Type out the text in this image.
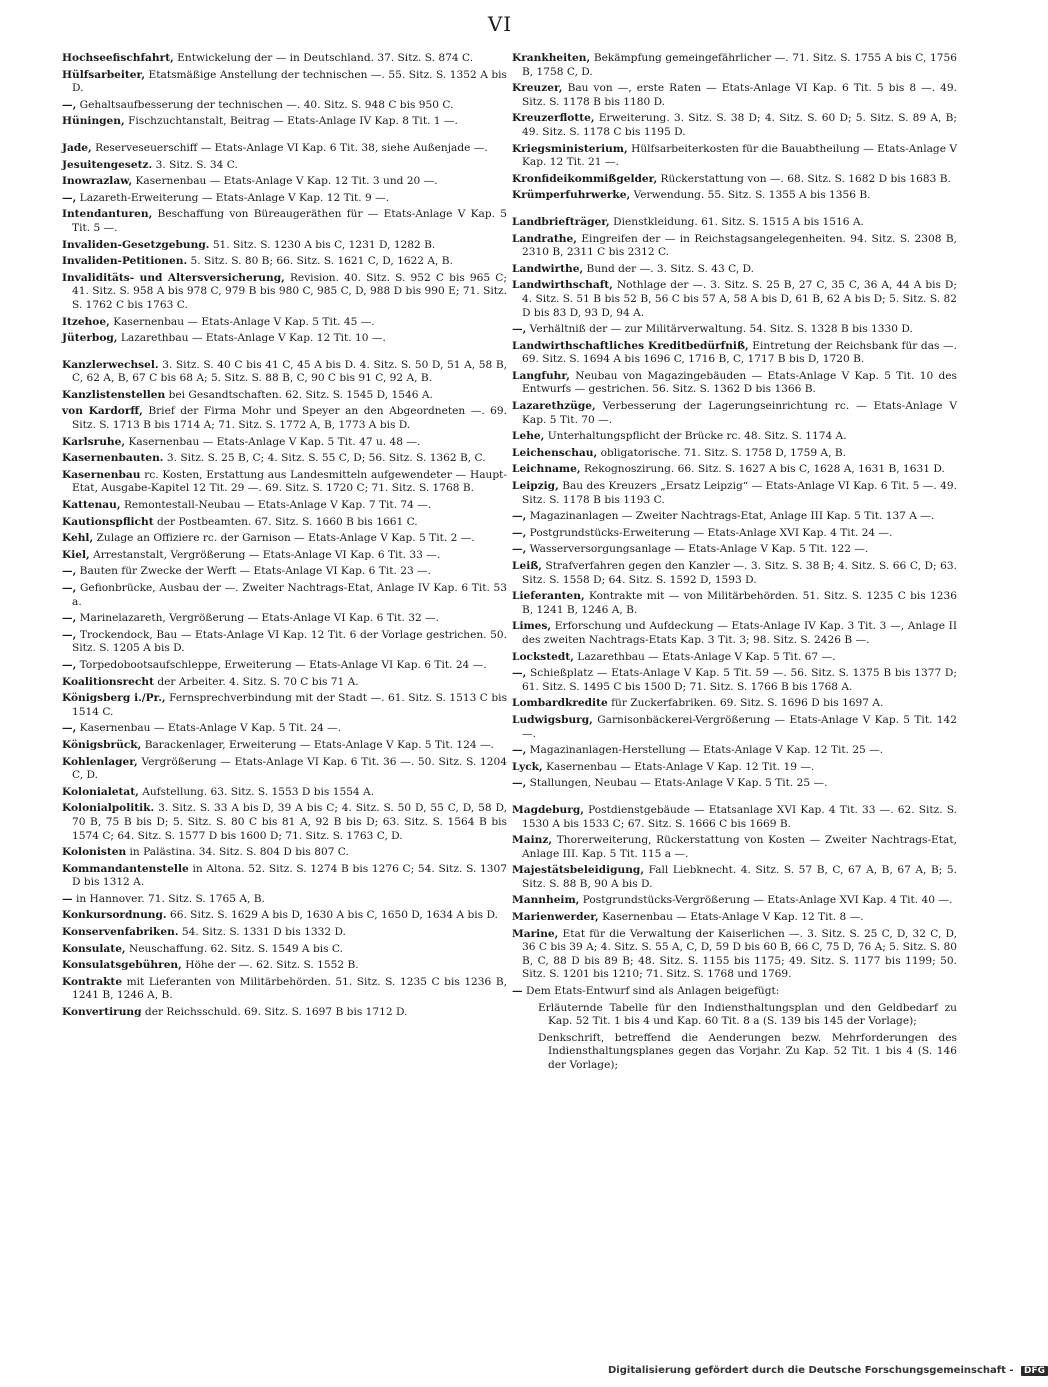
VI

Hochseefischfahrt, Entwickelung der — in Deutschland. 37. Sitz. S. 874 C.

Hülfsarbeiter, Etatsmäßige Anstellung der technischen —. 55. Sitz. S. 1352 A bis D.

—, Gehaltsaufbesserung der technischen —. 40. Sitz. S. 948 C bis 950 C.

Hüningen, Fischzuchtanstalt, Beitrag — Etats-Anlage IV Kap. 8 Tit. 1 —.

Jade, Reserveseuerschiff — Etats-Anlage VI Kap. 6 Tit. 38, siehe Außenjade —.

Jesuitengesetz. 3. Sitz. S. 34 C.

Inowrazlaw, Kasernenbau — Etats-Anlage V Kap. 12 Tit. 3 und 20 —.

—, Lazareth-Erweiterung — Etats-Anlage V Kap. 12 Tit. 9 —.

Intendanturen, Beschaffung von Büreaugeräthen für — Etats-Anlage V Kap. 5 Tit. 5 —.

Invaliden-Gesetzgebung. 51. Sitz. S. 1230 A bis C, 1231 D, 1282 B.

Invaliden-Petitionen. 5. Sitz. S. 80 B; 66. Sitz. S. 1621 C, D, 1622 A, B.

Invaliditäts- und Altersversicherung, Revision. 40. Sitz. S. 952 C bis 965 C; 41. Sitz. S. 958 A bis 978 C, 979 B bis 980 C, 985 C, D, 988 D bis 990 E; 71. Sitz. S. 1762 C bis 1763 C.

Itzehoe, Kasernenbau — Etats-Anlage V Kap. 5 Tit. 45 —.

Jüterbog, Lazarethbau — Etats-Anlage V Kap. 12 Tit. 10 —.

Kanzlerwechsel. 3. Sitz. S. 40 C bis 41 C, 45 A bis D. 4. Sitz. S. 50 D, 51 A, 58 B, C, 62 A, B, 67 C bis 68 A; 5. Sitz. S. 88 B, C, 90 C bis 91 C, 92 A, B.

Kanzlistenstellen bei Gesandtschaften. 62. Sitz. S. 1545 D, 1546 A.

von Kardorff, Brief der Firma Mohr und Speyer an den Abgeordneten —. 69. Sitz. S. 1713 B bis 1714 A; 71. Sitz. S. 1772 A, B, 1773 A bis D.

Karlsruhe, Kasernenbau — Etats-Anlage V Kap. 5 Tit. 47 u. 48 —.

Kasernenbauten. 3. Sitz. S. 25 B, C; 4. Sitz. S. 55 C, D; 56. Sitz. S. 1362 B, C.

Kasernenbau rc. Kosten, Erstattung aus Landesmitteln aufgewendeter — Haupt-Etat, Ausgabe-Kapitel 12 Tit. 29 —. 69. Sitz. S. 1720 C; 71. Sitz. S. 1768 B.

Kattenau, Remontestall-Neubau — Etats-Anlage V Kap. 7 Tit. 74 —.

Kautionspflicht der Postbeamten. 67. Sitz. S. 1660 B bis 1661 C.

Kehl, Zulage an Offiziere rc. der Garnison — Etats-Anlage V Kap. 5 Tit. 2 —.

Kiel, Arrestanstalt, Vergrößerung — Etats-Anlage VI Kap. 6 Tit. 33 —.

—, Bauten für Zwecke der Werft — Etats-Anlage VI Kap. 6 Tit. 23 —.

—, Gefionbrücke, Ausbau der —. Zweiter Nachtrags-Etat, Anlage IV Kap. 6 Tit. 53 a.

—, Marinelazareth, Vergrößerung — Etats-Anlage VI Kap. 6 Tit. 32 —.

—, Trockendock, Bau — Etats-Anlage VI Kap. 12 Tit. 6 der Vorlage gestrichen. 50. Sitz. S. 1205 A bis D.

—, Torpedobootsaufschleppe, Erweiterung — Etats-Anlage VI Kap. 6 Tit. 24 —.

Koalitionsrecht der Arbeiter. 4. Sitz. S. 70 C bis 71 A.

Königsberg i./Pr., Fernsprechverbindung mit der Stadt —. 61. Sitz. S. 1513 C bis 1514 C.

—, Kasernenbau — Etats-Anlage V Kap. 5 Tit. 24 —.

Königsbrück, Barackenlager, Erweiterung — Etats-Anlage V Kap. 5 Tit. 124 —.

Kohlenlager, Vergrößerung — Etats-Anlage VI Kap. 6 Tit. 36 —. 50. Sitz. S. 1204 C, D.

Kolonialetat, Aufstellung. 63. Sitz. S. 1553 D bis 1554 A.

Kolonialpolitik. 3. Sitz. S. 33 A bis D, 39 A bis C; 4. Sitz. S. 50 D, 55 C, D, 58 D, 70 B, 75 B bis D; 5. Sitz. S. 80 C bis 81 A, 92 B bis D; 63. Sitz. S. 1564 B bis 1574 C; 64. Sitz. S. 1577 D bis 1600 D; 71. Sitz. S. 1763 C, D.

Kolonisten in Palästina. 34. Sitz. S. 804 D bis 807 C.

Kommandantenstelle in Altona. 52. Sitz. S. 1274 B bis 1276 C; 54. Sitz. S. 1307 D bis 1312 A.

— in Hannover. 71. Sitz. S. 1765 A, B.

Konkursordnung. 66. Sitz. S. 1629 A bis D, 1630 A bis C, 1650 D, 1634 A bis D.

Konservenfabriken. 54. Sitz. S. 1331 D bis 1332 D.

Konsulate, Neuschaffung. 62. Sitz. S. 1549 A bis C.

Konsulatsgebühren, Höhe der —. 62. Sitz. S. 1552 B.

Kontrakte mit Lieferanten von Militärbehörden. 51. Sitz. S. 1235 C bis 1236 B, 1241 B, 1246 A, B.

Konvertirung der Reichsschuld. 69. Sitz. S. 1697 B bis 1712 D.

Krankheiten, Bekämpfung gemeingefährlicher —. 71. Sitz. S. 1755 A bis C, 1756 B, 1758 C, D.

Kreuzer, Bau von —, erste Raten — Etats-Anlage VI Kap. 6 Tit. 5 bis 8 —. 49. Sitz. S. 1178 B bis 1180 D.

Kreuzerflotte, Erweiterung. 3. Sitz. S. 38 D; 4. Sitz. S. 60 D; 5. Sitz. S. 89 A, B; 49. Sitz. S. 1178 C bis 1195 D.

Kriegsministerium, Hülfsarbeiterkosten für die Bauabtheilung — Etats-Anlage V Kap. 12 Tit. 21 —.

Kronfideikommißgelder, Rückerstattung von —. 68. Sitz. S. 1682 D bis 1683 B.

Krümperfuhrwerke, Verwendung. 55. Sitz. S. 1355 A bis 1356 B.

Landbriefträger, Dienstkleidung. 61. Sitz. S. 1515 A bis 1516 A.

Landrathe, Eingreifen der — in Reichstagsangelegenheiten. 94. Sitz. S. 2308 B, 2310 B, 2311 C bis 2312 C.

Landwirthe, Bund der —. 3. Sitz. S. 43 C, D.

Landwirthschaft, Nothlage der —. 3. Sitz. S. 25 B, 27 C, 35 C, 36 A, 44 A bis D; 4. Sitz. S. 51 B bis 52 B, 56 C bis 57 A, 58 A bis D, 61 B, 62 A bis D; 5. Sitz. S. 82 D bis 83 D, 93 D, 94 A.

—, Verhältniß der — zur Militärverwaltung. 54. Sitz. S. 1328 B bis 1330 D.

Landwirthschaftliches Kreditbedürfniß, Eintretung der Reichsbank für das —. 69. Sitz. S. 1694 A bis 1696 C, 1716 B, C, 1717 B bis D, 1720 B.

Langfuhr, Neubau von Magazingebäuden — Etats-Anlage V Kap. 5 Tit. 10 des Entwurfs — gestrichen. 56. Sitz. S. 1362 D bis 1366 B.

Lazarethzüge, Verbesserung der Lagerungseinrichtung rc. — Etats-Anlage V Kap. 5 Tit. 70 —.

Lehe, Unterhaltungspflicht der Brücke rc. 48. Sitz. S. 1174 A.

Leichenschau, obligatorische. 71. Sitz. S. 1758 D, 1759 A, B.

Leichname, Rekognoszirung. 66. Sitz. S. 1627 A bis C, 1628 A, 1631 B, 1631 D.

Leipzig, Bau des Kreuzers „Ersatz Leipzig“ — Etats-Anlage VI Kap. 6 Tit. 5 —. 49. Sitz. S. 1178 B bis 1193 C.

—, Magazinanlagen — Zweiter Nachtrags-Etat, Anlage III Kap. 5 Tit. 137 A —.

—, Postgrundstücks-Erweiterung — Etats-Anlage XVI Kap. 4 Tit. 24 —.

—, Wasserversorgungsanlage — Etats-Anlage V Kap. 5 Tit. 122 —.

Leiß, Strafverfahren gegen den Kanzler —. 3. Sitz. S. 38 B; 4. Sitz. S. 66 C, D; 63. Sitz. S. 1558 D; 64. Sitz. S. 1592 D, 1593 D.

Lieferanten, Kontrakte mit — von Militärbehörden. 51. Sitz. S. 1235 C bis 1236 B, 1241 B, 1246 A, B.

Limes, Erforschung und Aufdeckung — Etats-Anlage IV Kap. 3 Tit. 3 —, Anlage II des zweiten Nachtrags-Etats Kap. 3 Tit. 3; 98. Sitz. S. 2426 B —.

Lockstedt, Lazarethbau — Etats-Anlage V Kap. 5 Tit. 67 —.

—, Schießplatz — Etats-Anlage V Kap. 5 Tit. 59 —. 56. Sitz. S. 1375 B bis 1377 D; 61. Sitz. S. 1495 C bis 1500 D; 71. Sitz. S. 1766 B bis 1768 A.

Lombardkredite für Zuckerfabriken. 69. Sitz. S. 1696 D bis 1697 A.

Ludwigsburg, Garnisonbäckerei-Vergrößerung — Etats-Anlage V Kap. 5 Tit. 142 —.

—, Magazinanlagen-Herstellung — Etats-Anlage V Kap. 12 Tit. 25 —.

Lyck, Kasernenbau — Etats-Anlage V Kap. 12 Tit. 19 —.

—, Stallungen, Neubau — Etats-Anlage V Kap. 5 Tit. 25 —.

Magdeburg, Postdienstgebäude — Etatsanlage XVI Kap. 4 Tit. 33 —. 62. Sitz. S. 1530 A bis 1533 C; 67. Sitz. S. 1666 C bis 1669 B.

Mainz, Thorerweiterung, Rückerstattung von Kosten — Zweiter Nachtrags-Etat, Anlage III. Kap. 5 Tit. 115 a —.

Majestätsbeleidigung, Fall Liebknecht. 4. Sitz. S. 57 B, C, 67 A, B, 67 A, B; 5. Sitz. S. 88 B, 90 A bis D.

Mannheim, Postgrundstücks-Vergrößerung — Etats-Anlage XVI Kap. 4 Tit. 40 —.

Marienwerder, Kasernenbau — Etats-Anlage V Kap. 12 Tit. 8 —.

Marine, Etat für die Verwaltung der Kaiserlichen —. 3. Sitz. S. 25 C, D, 32 C, D, 36 C bis 39 A; 4. Sitz. S. 55 A, C, D, 59 D bis 60 B, 66 C, 75 D, 76 A; 5. Sitz. S. 80 B, C, 88 D bis 89 B; 48. Sitz. S. 1155 bis 1175; 49. Sitz. S. 1177 bis 1199; 50. Sitz. S. 1201 bis 1210; 71. Sitz. S. 1768 und 1769.

— Dem Etats-Entwurf sind als Anlagen beigefügt:

Erläuternde Tabelle für den Indiensthaltungsplan und den Geldbedarf zu Kap. 52 Tit. 1 bis 4 und Kap. 60 Tit. 8 a (S. 139 bis 145 der Vorlage);

Denkschrift, betreffend die Aenderungen bezw. Mehrforderungen des Indiensthaltungsplanes gegen das Vorjahr. Zu Kap. 52 Tit. 1 bis 4 (S. 146 der Vorlage);

Digitalisierung gefördert durch die Deutsche Forschungsgemeinschaft - DFG
